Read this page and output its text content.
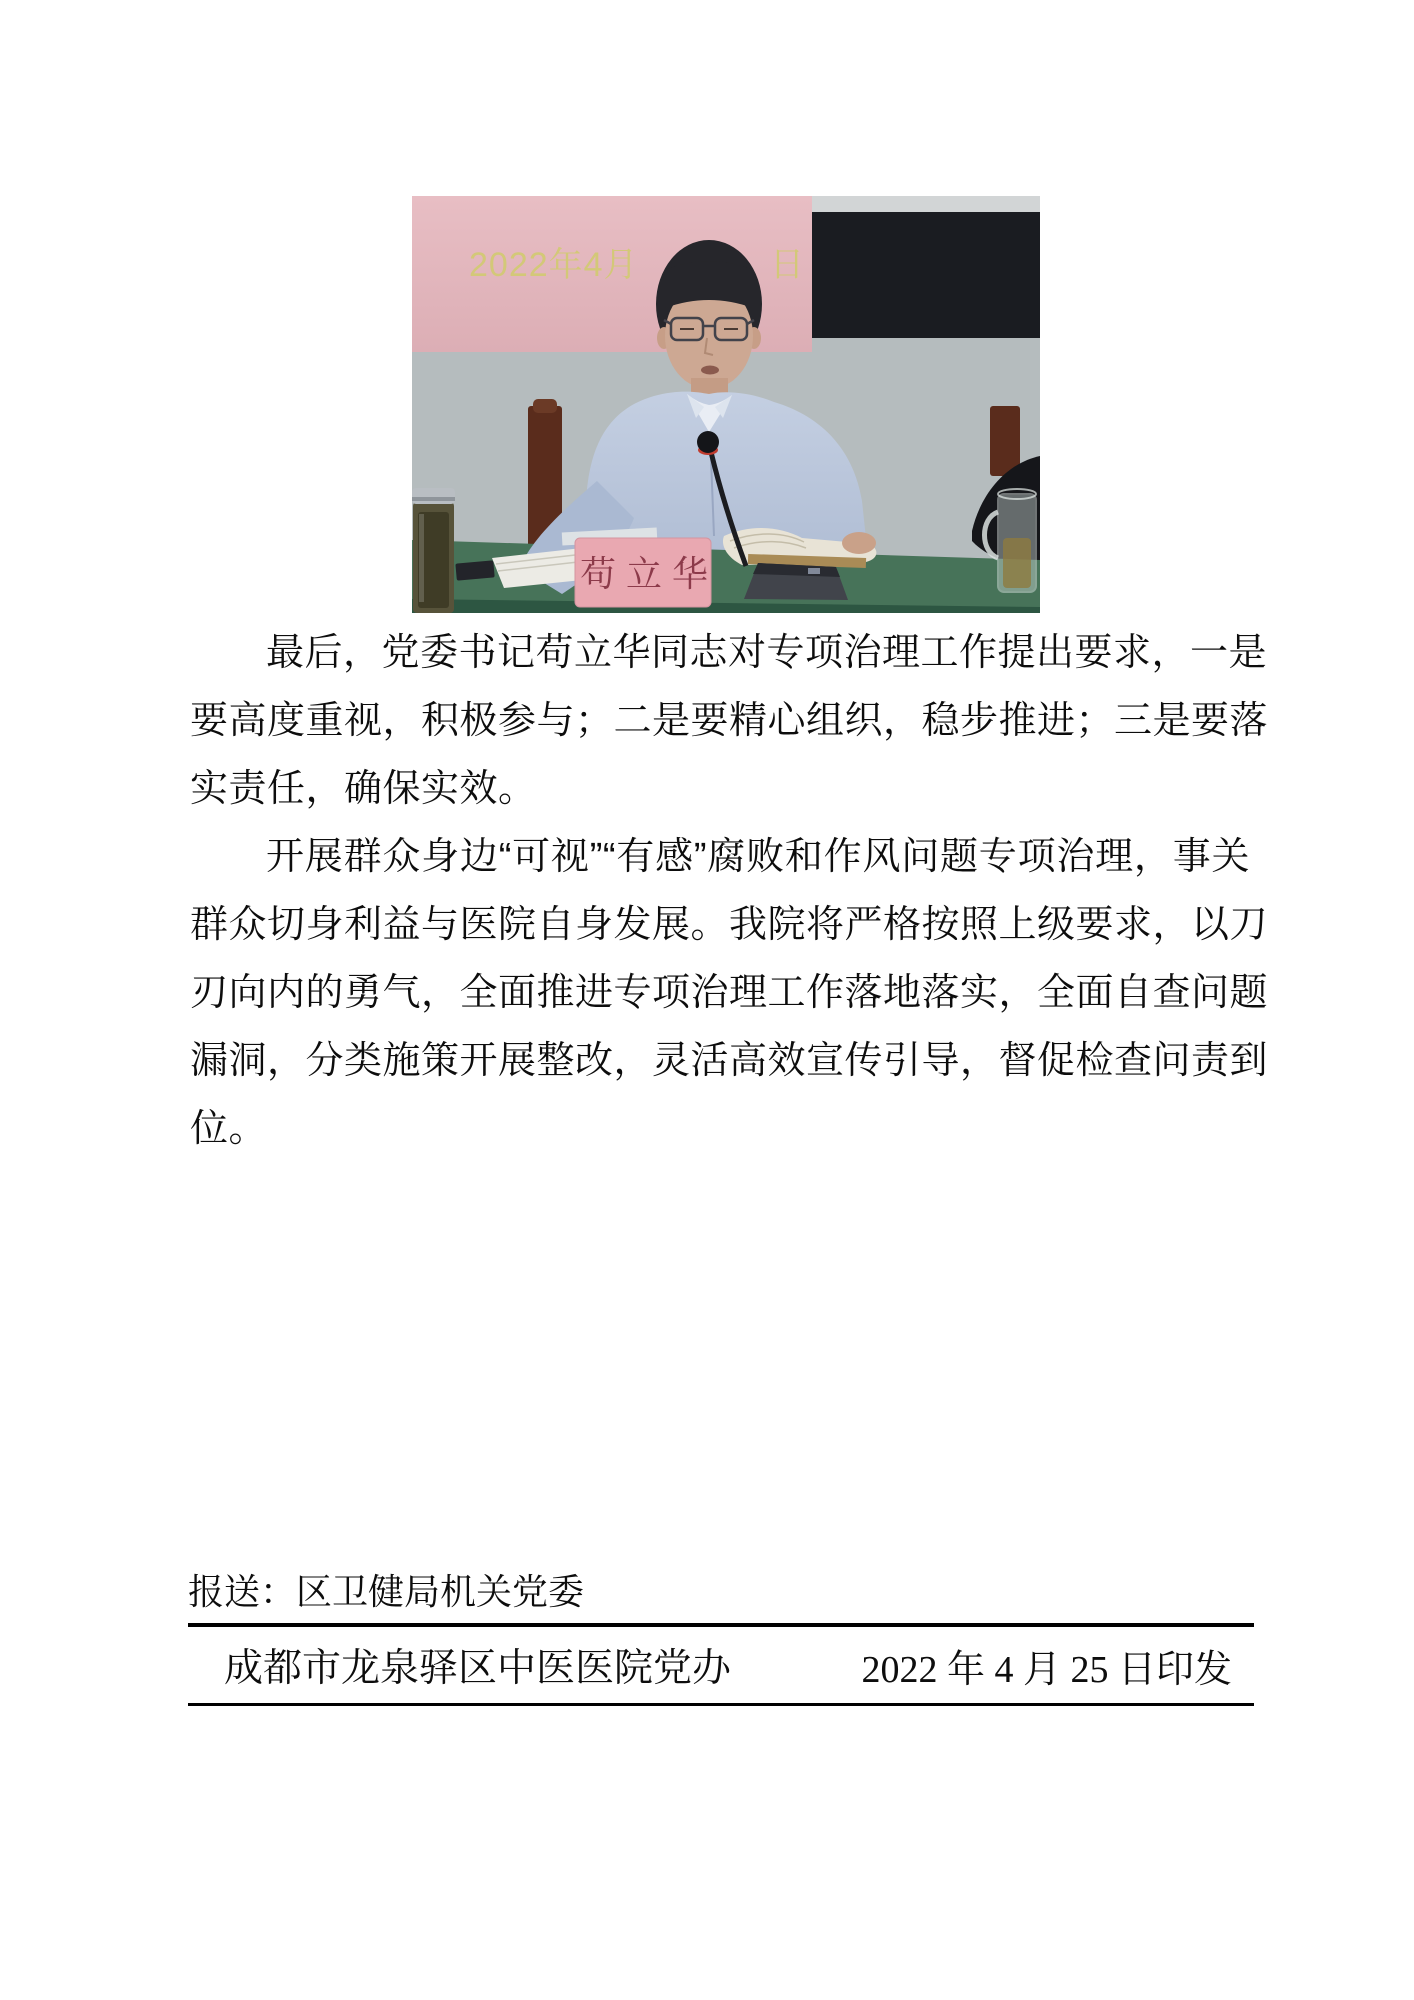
2022年4月	日
苟立华
最后，党委书记苟立华同志对专项治理工作提出要求，一是
要高度重视，积极参与；二是要精心组织，稳步推进；三是要落
实责任，确保实效。
开展群众身边“可视”“有感”腐败和作风问题专项治理，事关
群众切身利益与医院自身发展。我院将严格按照上级要求，以刀
刃向内的勇气，全面推进专项治理工作落地落实，全面自查问题
漏洞，分类施策开展整改，灵活高效宣传引导，督促检查问责到
位。
报送：区卫健局机关党委
成都市龙泉驿区中医医院党办	2022 年 4 月 25 日印发
